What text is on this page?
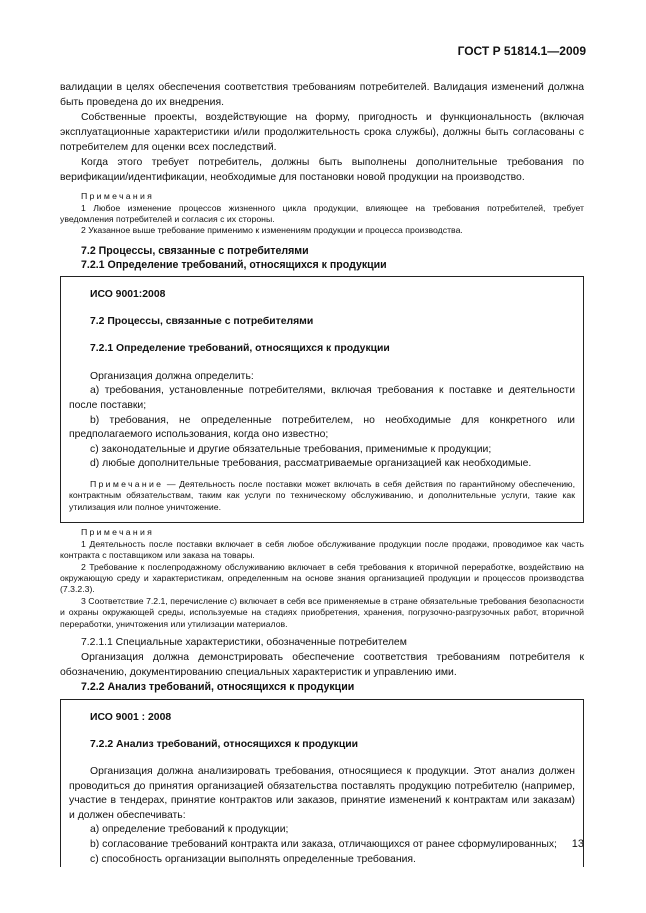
ГОСТ Р 51814.1—2009

валидации в целях обеспечения соответствия требованиям потребителей. Валидация изменений должна быть проведена до их внедрения.

Собственные проекты, воздействующие на форму, пригодность и функциональность (включая эксплуатационные характеристики и/или продолжительность срока службы), должны быть согласованы с потребителем для оценки всех последствий.

Когда этого требует потребитель, должны быть выполнены дополнительные требования по верификации/идентификации, необходимые для постановки новой продукции на производство.

Примечания

1 Любое изменение процессов жизненного цикла продукции, влияющее на требования потребителей, требует уведомления потребителей и согласия с их стороны.

2 Указанное выше требование применимо к изменениям продукции и процесса производства.

7.2 Процессы, связанные с потребителями

7.2.1 Определение требований, относящихся к продукции

ИСО 9001:2008

7.2 Процессы, связанные с потребителями

7.2.1 Определение требований, относящихся к продукции

Организация должна определить:

а) требования, установленные потребителями, включая требования к поставке и деятельности после поставки;

b) требования, не определенные потребителем, но необходимые для конкретного или предполагаемого использования, когда оно известно;

c) законодательные и другие обязательные требования, применимые к продукции;

d) любые дополнительные требования, рассматриваемые организацией как необходимые.

Примечание — Деятельность после поставки может включать в себя действия по гарантийному обеспечению, контрактным обязательствам, таким как услуги по техническому обслуживанию, и дополнительные услуги, такие как утилизация или полное уничтожение.

Примечания

1 Деятельность после поставки включает в себя любое обслуживание продукции после продажи, проводимое как часть контракта с поставщиком или заказа на товары.

2 Требование к послепродажному обслуживанию включает в себя требования к вторичной переработке, воздействию на окружающую среду и характеристикам, определенным на основе знания организацией продукции и процессов производства (7.3.2.3).

3 Соответствие 7.2.1, перечисление с) включает в себя все применяемые в стране обязательные требования безопасности и охраны окружающей среды, используемые на стадиях приобретения, хранения, погрузочно-разгрузочных работ, вторичной переработки, уничтожения или утилизации материалов.

7.2.1.1 Специальные характеристики, обозначенные потребителем

Организация должна демонстрировать обеспечение соответствия требованиям потребителя к обозначению, документированию специальных характеристик и управлению ими.

7.2.2 Анализ требований, относящихся к продукции

ИСО 9001 : 2008

7.2.2 Анализ требований, относящихся к продукции

Организация должна анализировать требования, относящиеся к продукции. Этот анализ должен проводиться до принятия организацией обязательства поставлять продукцию потребителю (например, участие в тендерах, принятие контрактов или заказов, принятие изменений к контрактам или заказам) и должен обеспечивать:

а) определение требований к продукции;

b) согласование требований контракта или заказа, отличающихся от ранее сформулированных;

с) способность организации выполнять определенные требования.

13
